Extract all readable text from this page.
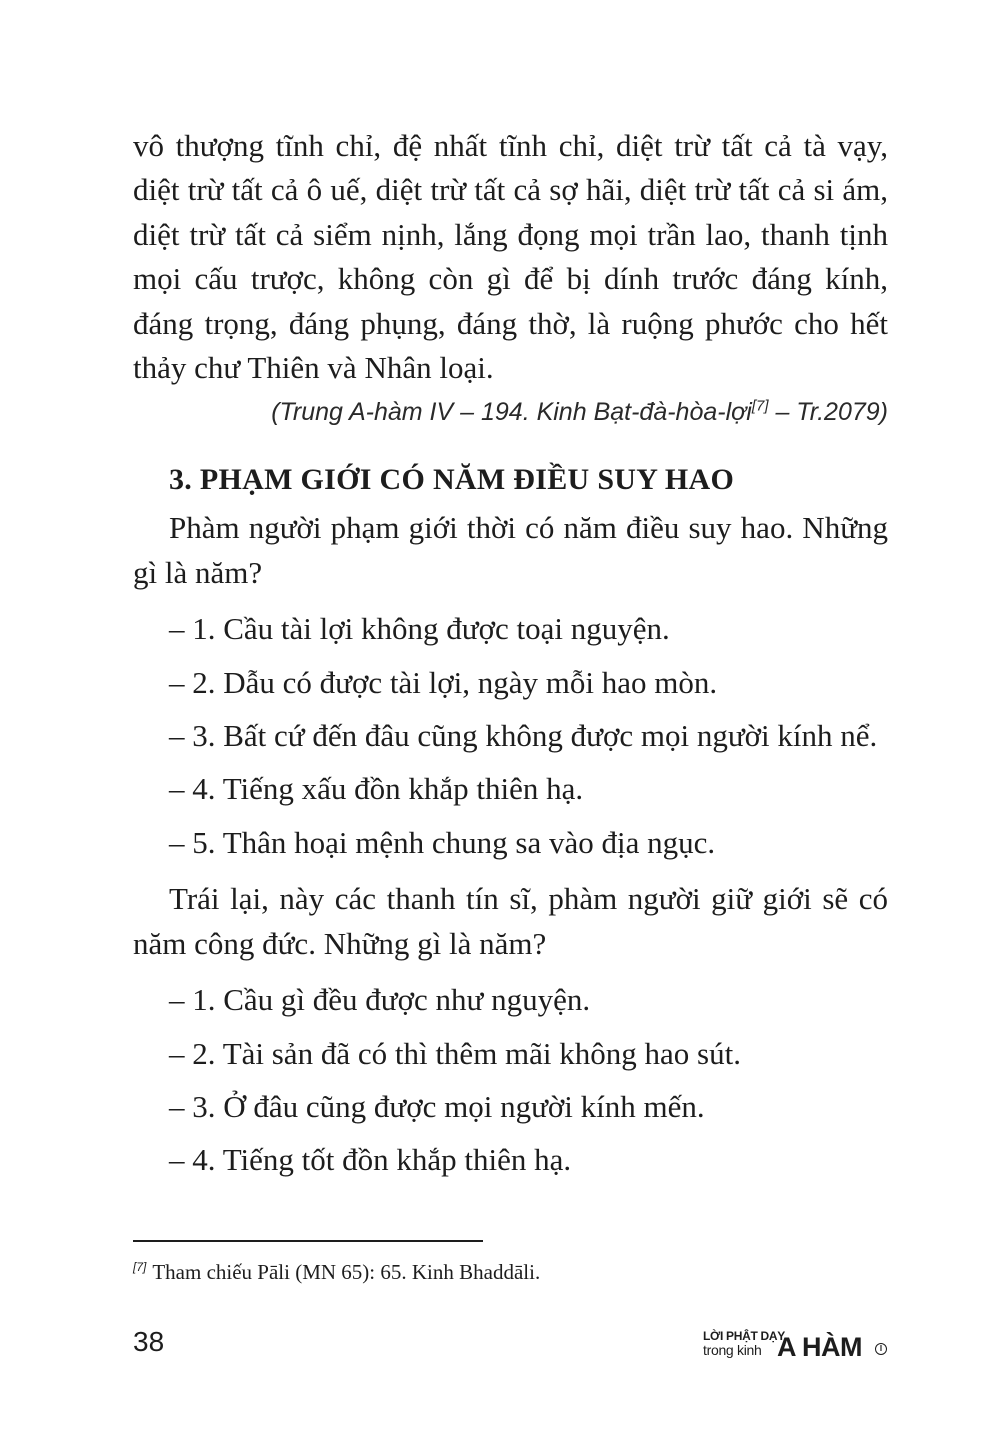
vô thượng tĩnh chỉ, đệ nhất tĩnh chỉ, diệt trừ tất cả tà vạy, diệt trừ tất cả ô uế, diệt trừ tất cả sợ hãi, diệt trừ tất cả si ám, diệt trừ tất cả siểm nịnh, lắng đọng mọi trần lao, thanh tịnh mọi cấu trược, không còn gì để bị dính trước đáng kính, đáng trọng, đáng phụng, đáng thờ, là ruộng phước cho hết thảy chư Thiên và Nhân loại.

(Trung A-hàm IV – 194. Kinh Bạt-đà-hòa-lợi[7] – Tr.2079)

3. PHẠM GIỚI CÓ NĂM ĐIỀU SUY HAO

Phàm người phạm giới thời có năm điều suy hao. Những gì là năm?

– 1. Cầu tài lợi không được toại nguyện.

– 2. Dẫu có được tài lợi, ngày mỗi hao mòn.

– 3. Bất cứ đến đâu cũng không được mọi người kính nể.

– 4. Tiếng xấu đồn khắp thiên hạ.

– 5. Thân hoại mệnh chung sa vào địa ngục.

Trái lại, này các thanh tín sĩ, phàm người giữ giới sẽ có năm công đức. Những gì là năm?

– 1. Cầu gì đều được như nguyện.

– 2. Tài sản đã có thì thêm mãi không hao sút.

– 3. Ở đâu cũng được mọi người kính mến.

– 4. Tiếng tốt đồn khắp thiên hạ.

[7] Tham chiếu Pāli (MN 65): 65. Kinh Bhaddāli.
38	LỜI PHẬT DẠY
trong kinh A HÀM	I
